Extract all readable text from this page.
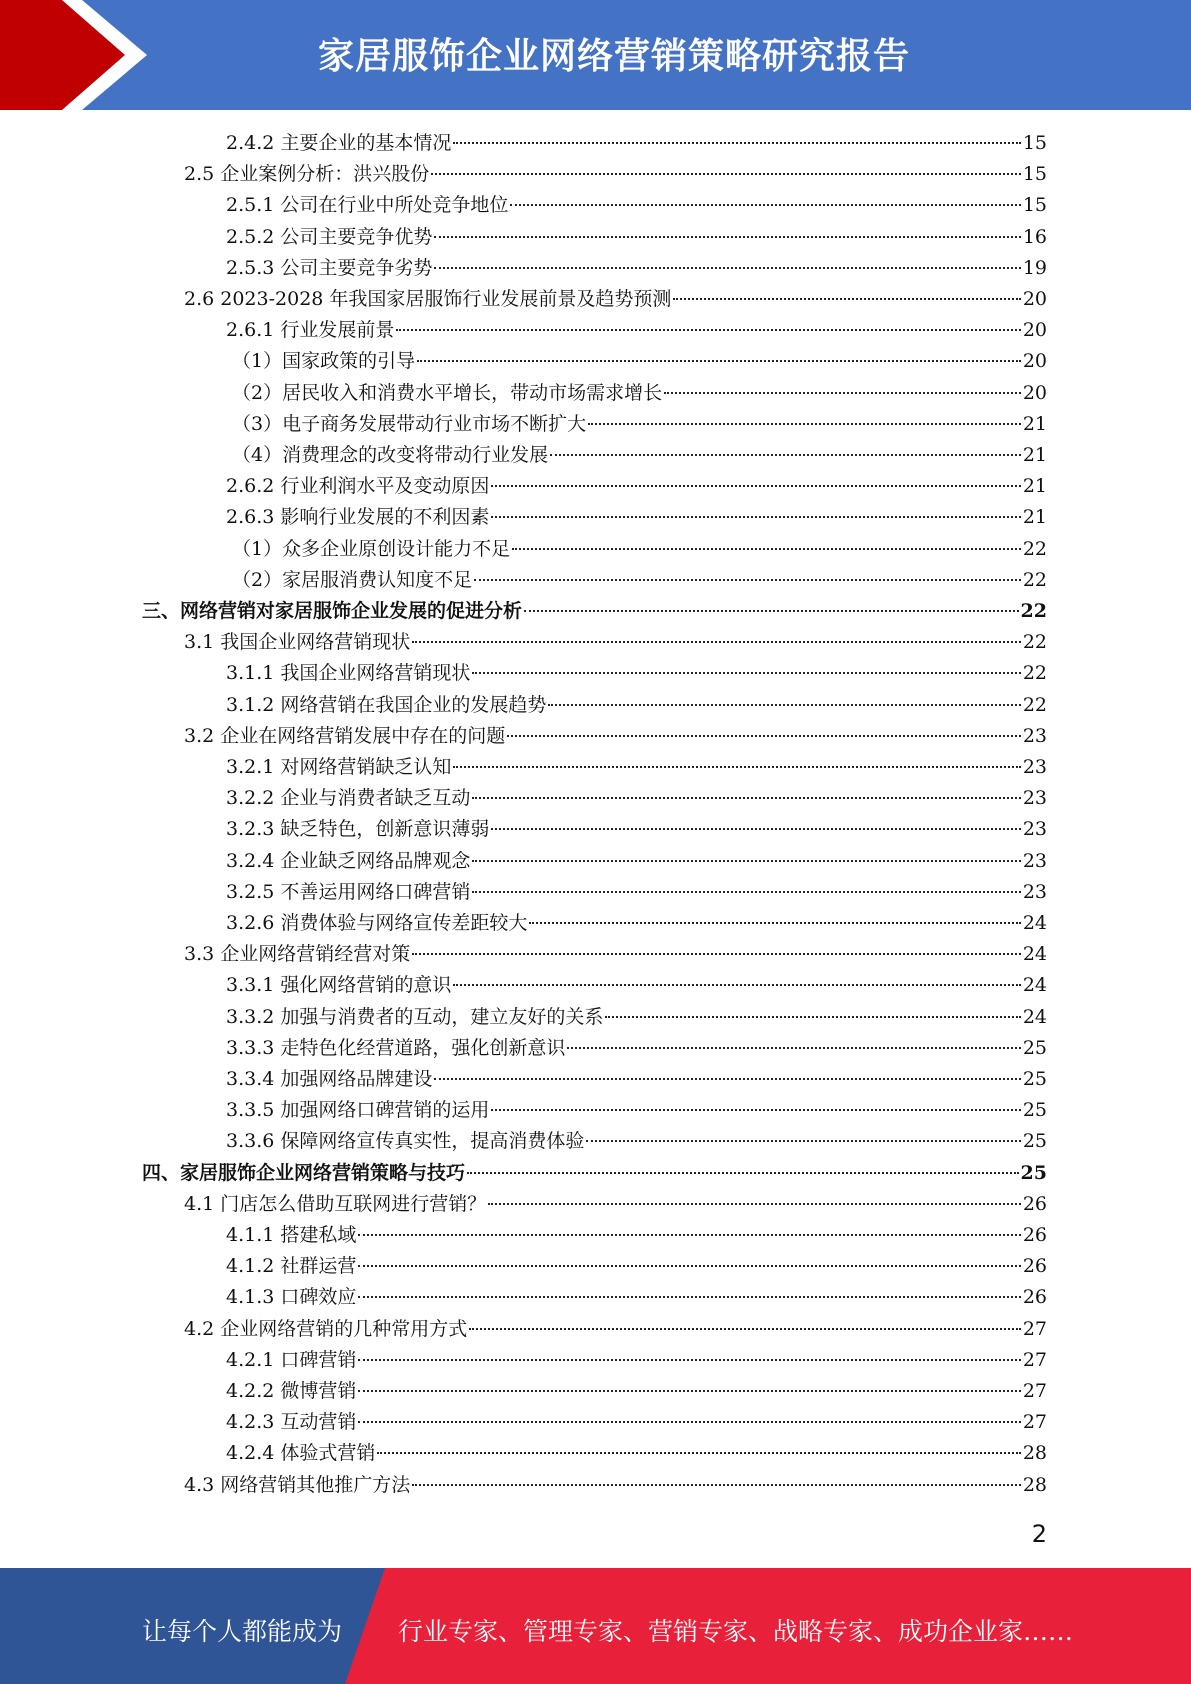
家居服饰企业网络营销策略研究报告
2.4.2 主要企业的基本情况	15
2.5 企业案例分析：洪兴股份	15
2.5.1 公司在行业中所处竞争地位	15
2.5.2 公司主要竞争优势	16
2.5.3 公司主要竞争劣势	19
2.6 2023-2028 年我国家居服饰行业发展前景及趋势预测	20
2.6.1 行业发展前景	20
（1）国家政策的引导	20
（2）居民收入和消费水平增长，带动市场需求增长	20
（3）电子商务发展带动行业市场不断扩大	21
（4）消费理念的改变将带动行业发展	21
2.6.2 行业利润水平及变动原因	21
2.6.3 影响行业发展的不利因素	21
（1）众多企业原创设计能力不足	22
（2）家居服消费认知度不足	22
三、网络营销对家居服饰企业发展的促进分析	22
3.1 我国企业网络营销现状	22
3.1.1 我国企业网络营销现状	22
3.1.2 网络营销在我国企业的发展趋势	22
3.2 企业在网络营销发展中存在的问题	23
3.2.1 对网络营销缺乏认知	23
3.2.2 企业与消费者缺乏互动	23
3.2.3 缺乏特色，创新意识薄弱	23
3.2.4 企业缺乏网络品牌观念	23
3.2.5 不善运用网络口碑营销	23
3.2.6 消费体验与网络宣传差距较大	24
3.3 企业网络营销经营对策	24
3.3.1 强化网络营销的意识	24
3.3.2 加强与消费者的互动，建立友好的关系	24
3.3.3 走特色化经营道路，强化创新意识	25
3.3.4 加强网络品牌建设	25
3.3.5 加强网络口碑营销的运用	25
3.3.6 保障网络宣传真实性，提高消费体验	25
四、家居服饰企业网络营销策略与技巧	25
4.1 门店怎么借助互联网进行营销？	26
4.1.1 搭建私域	26
4.1.2 社群运营	26
4.1.3 口碑效应	26
4.2 企业网络营销的几种常用方式	27
4.2.1 口碑营销	27
4.2.2 微博营销	27
4.2.3 互动营销	27
4.2.4 体验式营销	28
4.3 网络营销其他推广方法	28
2
让每个人都能成为 行业专家、管理专家、营销专家、战略专家、成功企业家……
